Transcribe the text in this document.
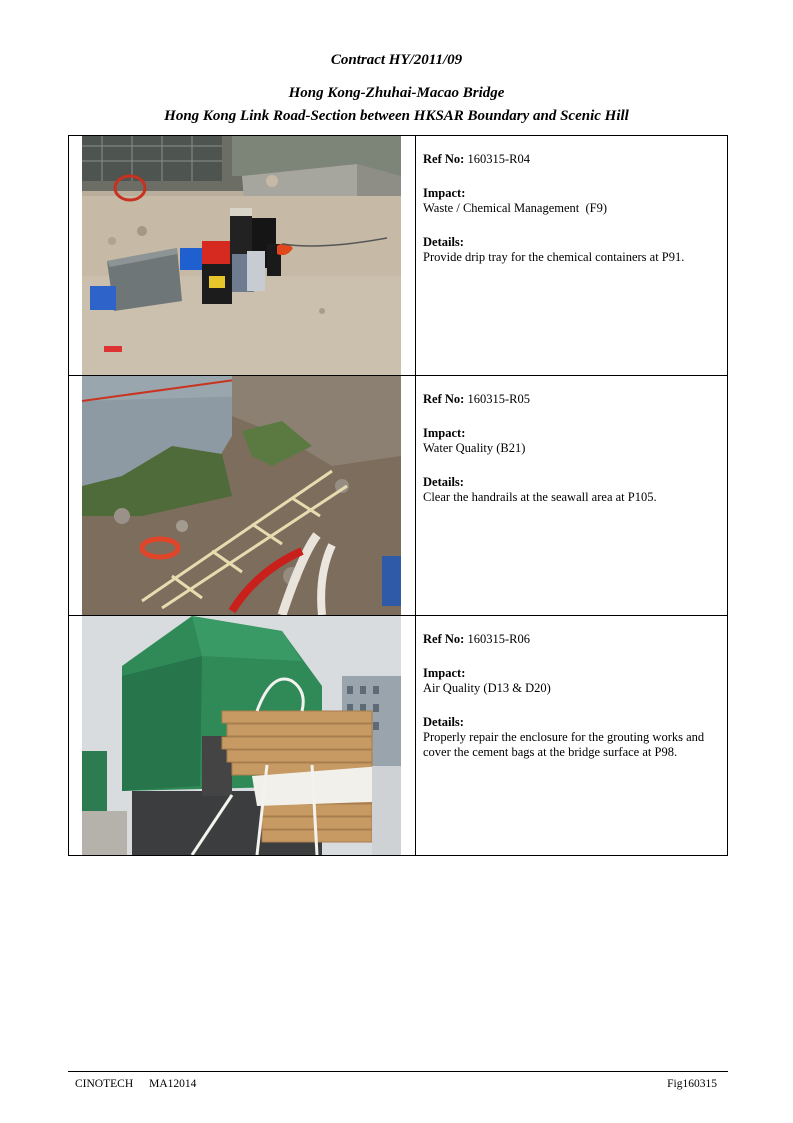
Contract HY/2011/09
Hong Kong-Zhuhai-Macao Bridge
Hong Kong Link Road-Section between HKSAR Boundary and Scenic Hill

Ref No: 160315-R04
Impact:
Waste / Chemical Management  (F9)
Details:
Provide drip tray for the chemical containers at P91.

Ref No: 160315-R05
Impact:
Water Quality (B21)
Details:
Clear the handrails at the seawall area at P105.

Ref No: 160315-R06
Impact:
Air Quality (D13 & D20)
Details:
Properly repair the enclosure for the grouting works and cover the cement bags at the bridge surface at P98.
CINOTECH MA12014	Fig160315
